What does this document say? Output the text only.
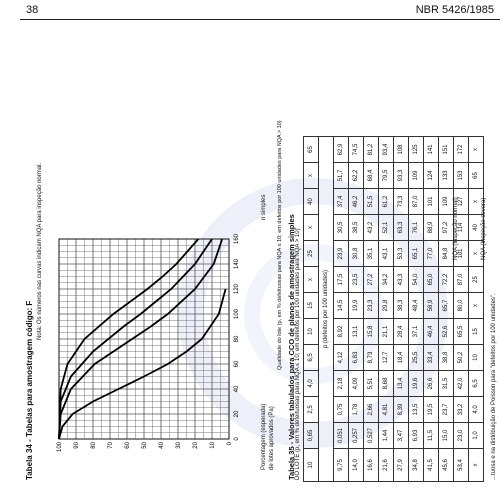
38	NBR 5426/1985
Tabela 34 - Tabelas para amostragem código: F
Nota: Os números nas curvas indicam NQA para inspeção normal.
0
10
20
30
40
50
60
70
80
90
100
0
20
40
60
80
100
120
140
160
Porcentagem (esperada) de lotes aprovados (Pa)
n simples Qualidade do lote (p, em % defeituosas para NQA ≤ 10; em defeitos por 100 unidades para NQA > 10) Tabela 35 - Valores tabulados para CCO de planos de amostragem simples DO LOTE (p, em % defeituosas para NQA ≤ 10; em defeitos por 100 unidades para NQA > 10) 10	0,65	2,5	4,0	6,5	10	15	x	25	x	40	x	65
p (defeitos por 100 unidades)												
9,75	0,051	0,75	2,18	4,12	8,92	14,5	17,5	23,9	30,5	37,4	51,7	62,9
14,0	0,257	1,78	4,09	6,83	13,1	19,9	23,5	30,8	38,5	46,2	62,2	74,5
16,6	0,527	2,66	5,51	8,73	15,8	23,3	27,2	35,1	43,2	51,5	68,4	81,2
21,6	1,44	4,81	8,68	12,7	21,1	29,8	34,2	43,1	52,1	61,2	79,5	93,4
27,9	3,47	8,39	13,4	18,4	28,4	38,3	43,3	53,3	63,3	73,3	93,3	108
34,8	6,93	13,5	19,6	25,5	37,1	48,4	54,0	65,1	76,1	87,0	109	125
41,5	11,5	19,5	26,6	33,4	46,4	58,9	65,0	77,0	88,9	101	124	141
45,6	15,0	23,7	31,5	38,8	52,6	65,7	72,2	84,8	97,2	109	133	151
53,4	23,0	33,2	42,0	50,2	65,5	80,0	87,0	101	114	127	153	172
x	1,0	4,0	6,5	10	15	x	25	x	40	x	65	x
NQA (Inspeção normal)	NQA (Inspeção severa)
...tuosa e na distribuição de Poisson para "defeitos por 100 unidades".
